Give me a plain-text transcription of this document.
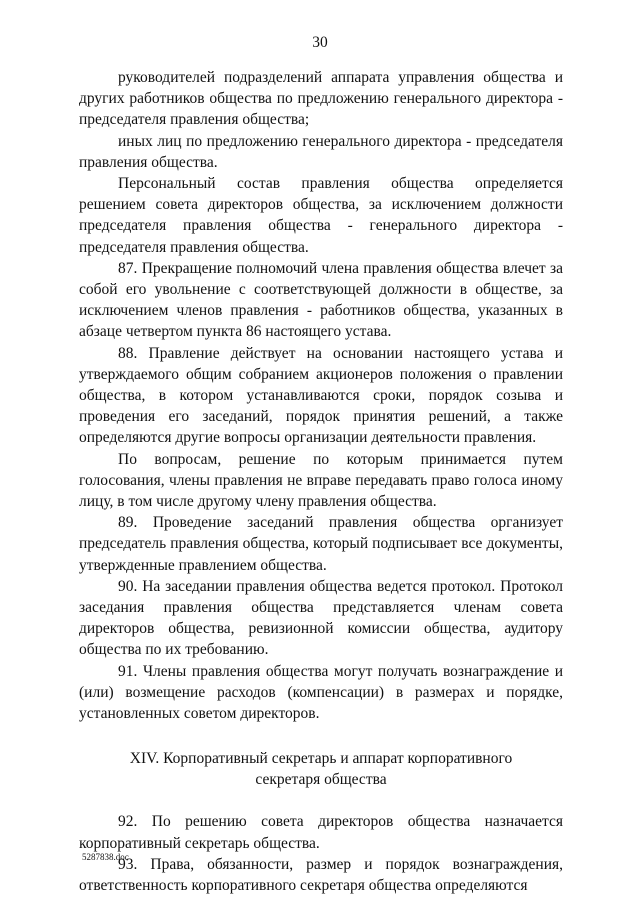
30

руководителей подразделений аппарата управления общества и других работников общества по предложению генерального директора - председателя правления общества;

иных лиц по предложению генерального директора - председателя правления общества.

Персональный состав правления общества определяется решением совета директоров общества, за исключением должности председателя правления общества - генерального директора - председателя правления общества.

87. Прекращение полномочий члена правления общества влечет за собой его увольнение с соответствующей должности в обществе, за исключением членов правления - работников общества, указанных в абзаце четвертом пункта 86 настоящего устава.

88. Правление действует на основании настоящего устава и утверждаемого общим собранием акционеров положения о правлении общества, в котором устанавливаются сроки, порядок созыва и проведения его заседаний, порядок принятия решений, а также определяются другие вопросы организации деятельности правления.

По вопросам, решение по которым принимается путем голосования, члены правления не вправе передавать право голоса иному лицу, в том числе другому члену правления общества.

89. Проведение заседаний правления общества организует председатель правления общества, который подписывает все документы, утвержденные правлением общества.

90. На заседании правления общества ведется протокол. Протокол заседания правления общества представляется членам совета директоров общества, ревизионной комиссии общества, аудитору общества по их требованию.

91. Члены правления общества могут получать вознаграждение и (или) возмещение расходов (компенсации) в размерах и порядке, установленных советом директоров.

XIV. Корпоративный секретарь и аппарат корпоративного
секретаря общества

92. По решению совета директоров общества назначается корпоративный секретарь общества.

93. Права, обязанности, размер и порядок вознаграждения, ответственность корпоративного секретаря общества определяются

5287838.doc
